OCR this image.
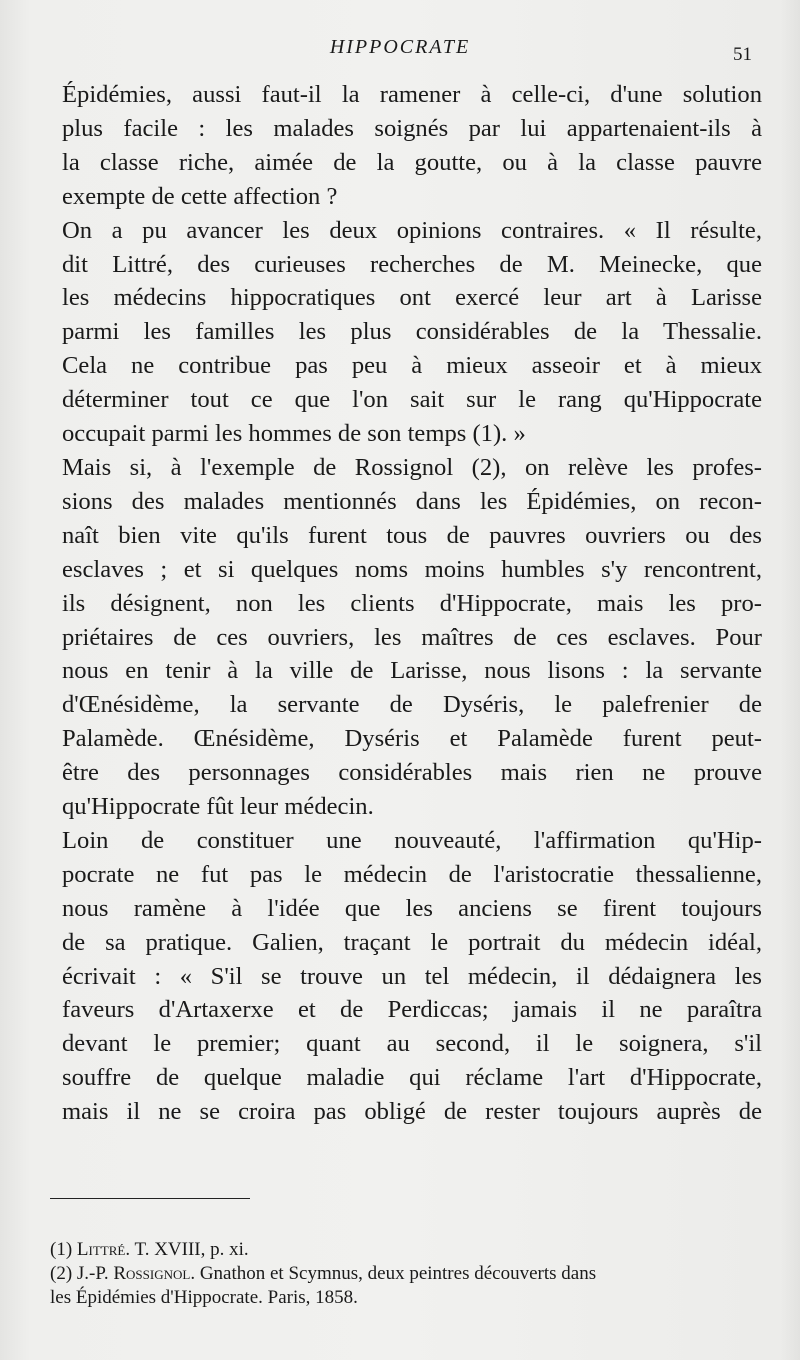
HIPPOCRATE	51
Épidémies, aussi faut-il la ramener à celle-ci, d'une solution
plus facile : les malades soignés par lui appartenaient-ils à
la classe riche, aimée de la goutte, ou à la classe pauvre
exempte de cette affection ?
On a pu avancer les deux opinions contraires. « Il résulte,
dit Littré, des curieuses recherches de M. Meinecke, que
les médecins hippocratiques ont exercé leur art à Larisse
parmi les familles les plus considérables de la Thessalie.
Cela ne contribue pas peu à mieux asseoir et à mieux
déterminer tout ce que l'on sait sur le rang qu'Hippocrate
occupait parmi les hommes de son temps (1). »
Mais si, à l'exemple de Rossignol (2), on relève les profes-
sions des malades mentionnés dans les Épidémies, on recon-
naît bien vite qu'ils furent tous de pauvres ouvriers ou des
esclaves ; et si quelques noms moins humbles s'y rencontrent,
ils désignent, non les clients d'Hippocrate, mais les pro-
priétaires de ces ouvriers, les maîtres de ces esclaves. Pour
nous en tenir à la ville de Larisse, nous lisons : la servante
d'Œnésidème, la servante de Dyséris, le palefrenier de
Palamède. Œnésidème, Dyséris et Palamède furent peut-
être des personnages considérables mais rien ne prouve
qu'Hippocrate fût leur médecin.
Loin de constituer une nouveauté, l'affirmation qu'Hip-
pocrate ne fut pas le médecin de l'aristocratie thessalienne,
nous ramène à l'idée que les anciens se firent toujours
de sa pratique. Galien, traçant le portrait du médecin idéal,
écrivait : « S'il se trouve un tel médecin, il dédaignera les
faveurs d'Artaxerxe et de Perdiccas; jamais il ne paraîtra
devant le premier; quant au second, il le soignera, s'il
souffre de quelque maladie qui réclame l'art d'Hippocrate,
mais il ne se croira pas obligé de rester toujours auprès de
(1) Littré. T. XVIII, p. xi.
(2) J.-P. Rossignol. Gnathon et Scymnus, deux peintres découverts dans
les Épidémies d'Hippocrate. Paris, 1858.
